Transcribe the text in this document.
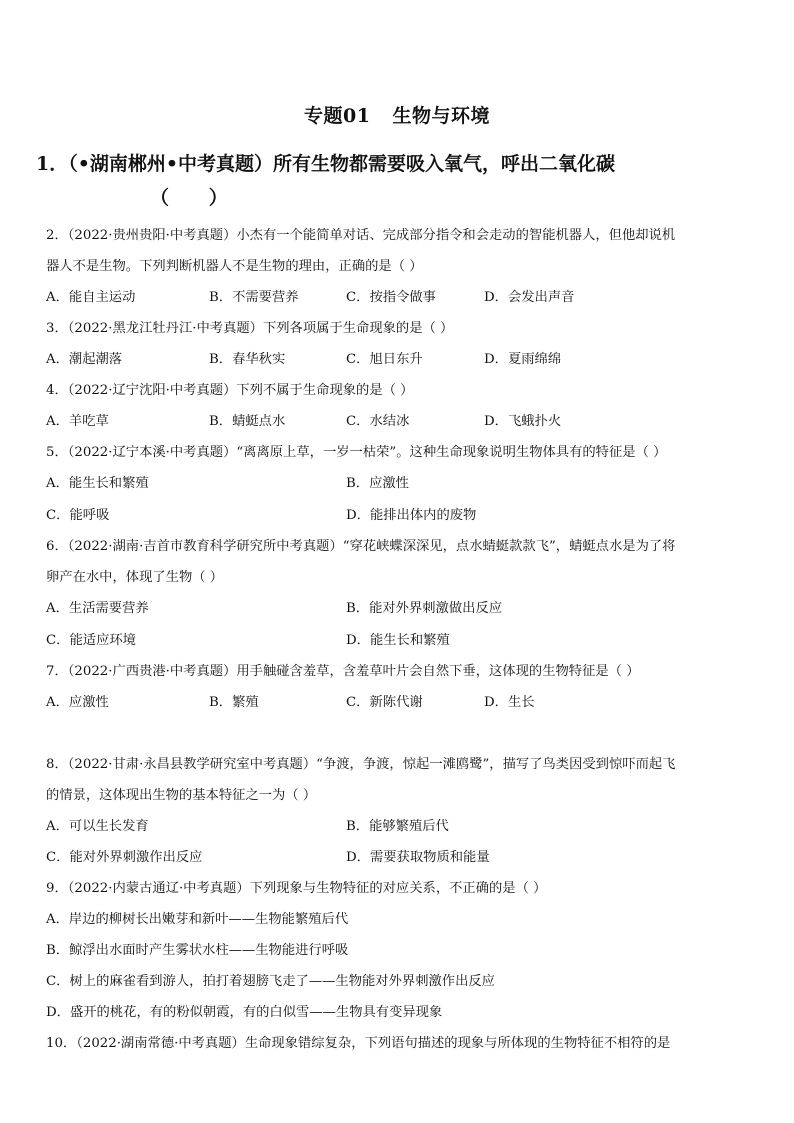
专题01 生物与环境
1．（•湖南郴州•中考真题）所有生物都需要吸入氧气，呼出二氧化碳
（      ）
2．（2022·贵州贵阳·中考真题）小杰有一个能简单对话、完成部分指令和会走动的智能机器人，但他却说机
器人不是生物。下列判断机器人不是生物的理由，正确的是（ ）
A．能自主运动	B．不需要营养	C．按指令做事	D．会发出声音
3．（2022·黑龙江牡丹江·中考真题）下列各项属于生命现象的是（ ）
A．潮起潮落	B．春华秋实	C．旭日东升	D．夏雨绵绵
4．（2022·辽宁沈阳·中考真题）下列不属于生命现象的是（ ）
A．羊吃草	B．蜻蜓点水	C．水结冰	D．飞蛾扑火
5．（2022·辽宁本溪·中考真题）“离离原上草，一岁一枯荣”。这种生命现象说明生物体具有的特征是（ ）
A．能生长和繁殖	B．应激性
C．能呼吸	D．能排出体内的废物
6．（2022·湖南·吉首市教育科学研究所中考真题）“穿花峡蝶深深见，点水蜻蜓款款飞”，蜻蜓点水是为了将
卵产在水中，体现了生物（ ）
A．生活需要营养	B．能对外界刺激做出反应
C．能适应环境	D．能生长和繁殖
7．（2022·广西贵港·中考真题）用手触碰含羞草，含羞草叶片会自然下垂，这体现的生物特征是（ ）
A．应激性	B．繁殖	C．新陈代谢	D．生长
8．（2022·甘肃·永昌县教学研究室中考真题）“争渡，争渡，惊起一滩鸥鹭”，描写了鸟类因受到惊吓而起飞
的情景，这体现出生物的基本特征之一为（ ）
A．可以生长发育	B．能够繁殖后代
C．能对外界刺激作出反应	D．需要获取物质和能量
9．（2022·内蒙古通辽·中考真题）下列现象与生物特征的对应关系，不正确的是（ ）
A．岸边的柳树长出嫩芽和新叶——生物能繁殖后代
B．鲸浮出水面时产生雾状水柱——生物能进行呼吸
C．树上的麻雀看到游人，拍打着翅膀飞走了——生物能对外界刺激作出反应
D．盛开的桃花，有的粉似朝霞，有的白似雪——生物具有变异现象
10．（2022·湖南常德·中考真题）生命现象错综复杂，下列语句描述的现象与所体现的生物特征不相符的是
